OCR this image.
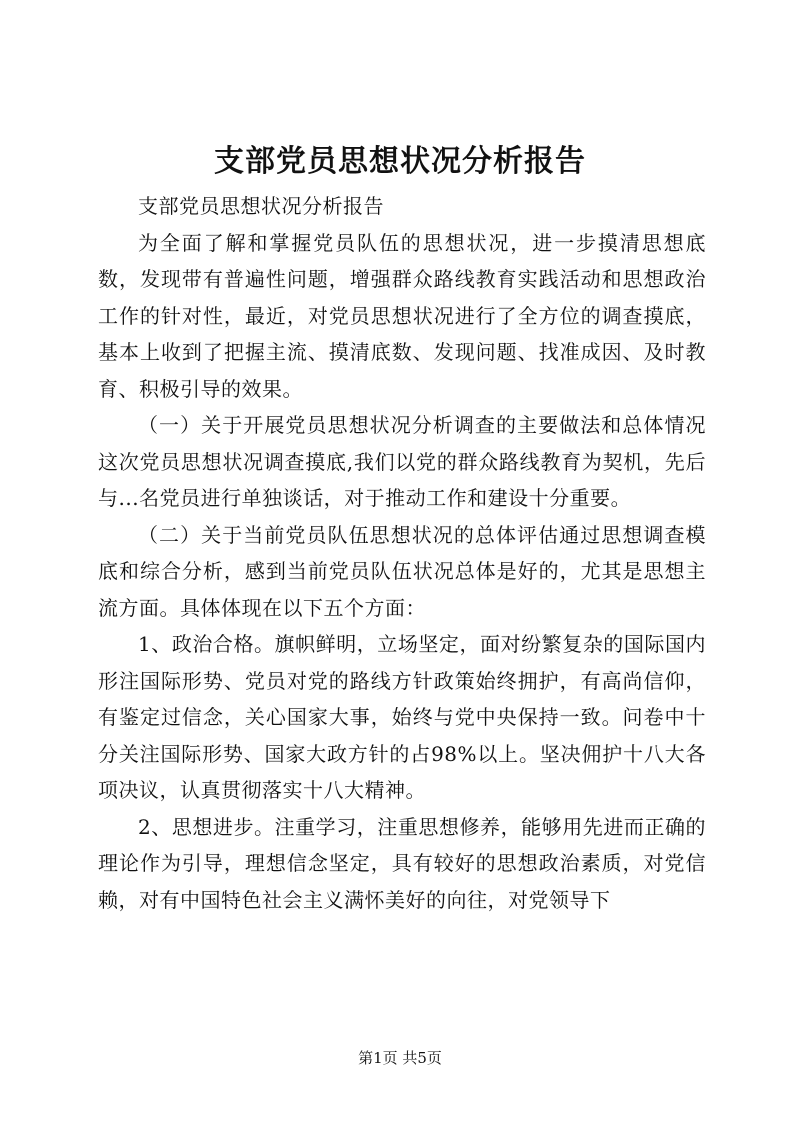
支部党员思想状况分析报告

支部党员思想状况分析报告

为全面了解和掌握党员队伍的思想状况，进一步摸清思想底数，发现带有普遍性问题，增强群众路线教育实践活动和思想政治工作的针对性，最近，对党员思想状况进行了全方位的调查摸底，基本上收到了把握主流、摸清底数、发现问题、找准成因、及时教育、积极引导的效果。

（一）关于开展党员思想状况分析调查的主要做法和总体情况这次党员思想状况调查摸底,我们以党的群众路线教育为契机，先后与...名党员进行单独谈话，对于推动工作和建设十分重要。

（二）关于当前党员队伍思想状况的总体评估通过思想调查模底和综合分析，感到当前党员队伍状况总体是好的，尤其是思想主流方面。具体体现在以下五个方面：

1、政治合格。旗帜鲜明，立场坚定，面对纷繁复杂的国际国内形注国际形势、党员对党的路线方针政策始终拥护，有高尚信仰，有鉴定过信念，关心国家大事，始终与党中央保持一致。问卷中十分关注国际形势、国家大政方针的占98%以上。坚决佣护十八大各项决议，认真贯彻落实十八大精神。

2、思想进步。注重学习，注重思想修养，能够用先进而正确的理论作为引导，理想信念坚定，具有较好的思想政治素质，对党信赖，对有中国特色社会主义满怀美好的向往，对党领导下

第1页 共5页
